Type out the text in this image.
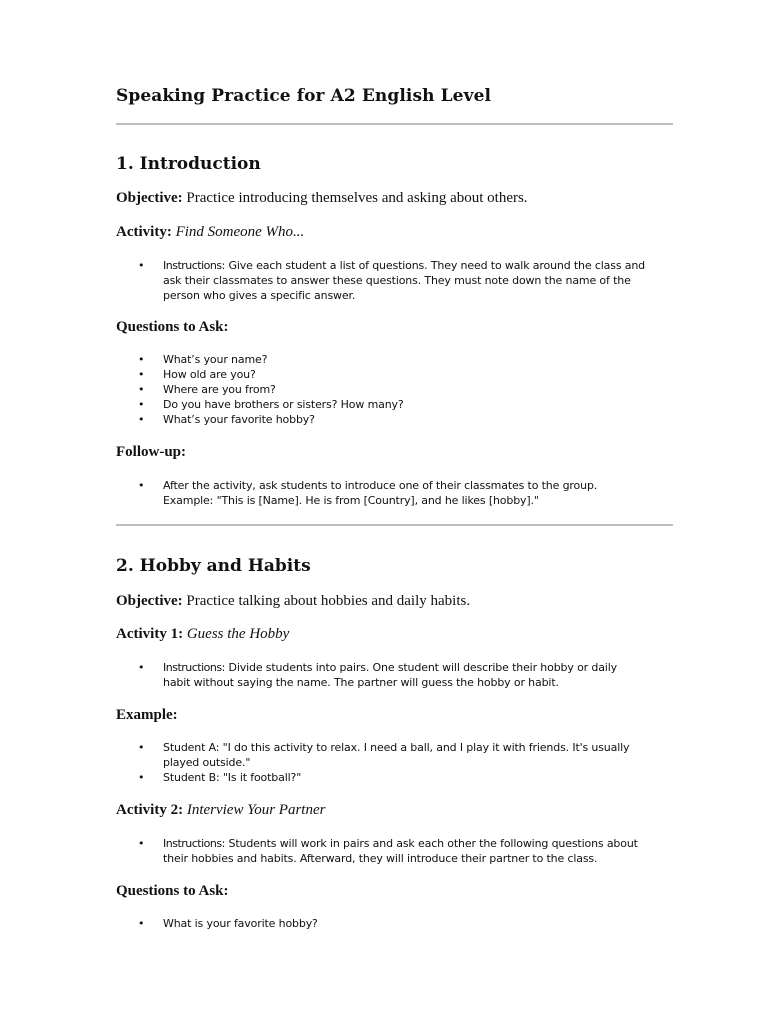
Speaking Practice for A2 English Level
1. Introduction

Objective: Practice introducing themselves and asking about others.

Activity: Find Someone Who...

• Instructions: Give each student a list of questions. They need to walk around the class and ask their classmates to answer these questions. They must note down the name of the person who gives a specific answer.

Questions to Ask:

• What’s your name?
• How old are you?
• Where are you from?
• Do you have brothers or sisters? How many?
• What’s your favorite hobby?

Follow-up:

• After the activity, ask students to introduce one of their classmates to the group. Example: "This is [Name]. He is from [Country], and he likes [hobby]."
2. Hobby and Habits

Objective: Practice talking about hobbies and daily habits.

Activity 1: Guess the Hobby

• Instructions: Divide students into pairs. One student will describe their hobby or daily habit without saying the name. The partner will guess the hobby or habit.

Example:

• Student A: "I do this activity to relax. I need a ball, and I play it with friends. It's usually played outside."
• Student B: "Is it football?"

Activity 2: Interview Your Partner

• Instructions: Students will work in pairs and ask each other the following questions about their hobbies and habits. Afterward, they will introduce their partner to the class.

Questions to Ask:

• What is your favorite hobby?
